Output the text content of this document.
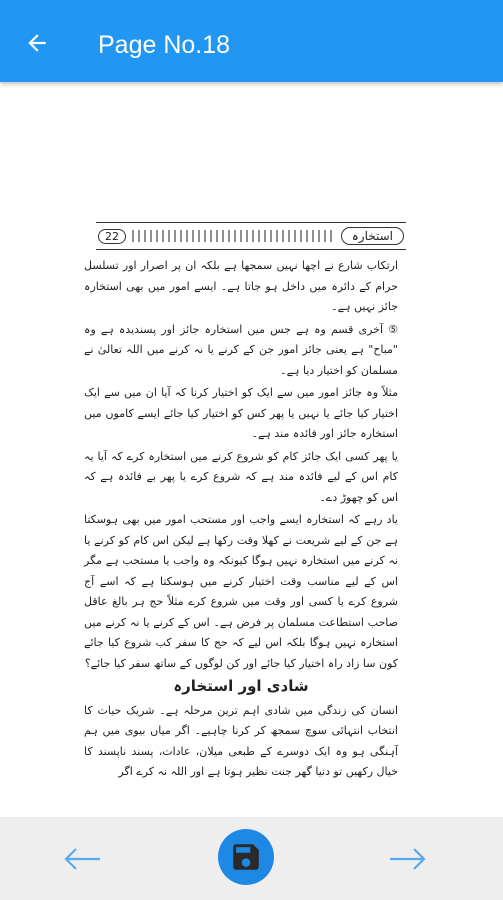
Page No.18
22	استخارہ

ارتکاب شارع نے اچھا نہیں سمجھا ہے بلکہ ان پر اصرار اور تسلسل حرام کے دائرہ میں داخل ہو جاتا ہے۔ ایسے امور میں بھی استخارہ جائز نہیں ہے۔

⑤ آخری قسم وہ ہے جس میں استخارہ جائز اور پسندیدہ ہے وہ "مباح" ہے یعنی جائز امور جن کے کرنے یا نہ کرنے میں اللہ تعالیٰ نے مسلمان کو اختیار دیا ہے۔

مثلاً وہ جائز امور میں سے ایک کو اختیار کرنا کہ آیا ان میں سے ایک اختیار کیا جائے یا نہیں یا پھر کس کو اختیار کیا جائے ایسے کاموں میں استخارہ جائز اور فائدہ مند ہے۔

یا پھر کسی ایک جائز کام کو شروع کرنے میں استخارہ کرے کہ آیا یہ کام اس کے لیے فائدہ مند ہے کہ شروع کرے یا پھر بے فائدہ ہے کہ اس کو چھوڑ دے۔

یاد رہے کہ استخارہ ایسے واجب اور مستحب امور میں بھی ہوسکتا ہے جن کے لیے شریعت نے کھلا وقت رکھا ہے لیکن اس کام کو کرنے یا نہ کرنے میں استخارہ نہیں ہوگا کیونکہ وہ واجب یا مستحب ہے مگر اس کے لیے مناسب وقت اختیار کرنے میں ہوسکتا ہے کہ اسے آج شروع کرے یا کسی اور وقت میں شروع کرے مثلاً حج ہر بالغ عاقل صاحب استطاعت مسلمان پر فرض ہے۔ اس کے کرنے یا نہ کرنے میں استخارہ نہیں ہوگا بلکہ اس لیے کہ حج کا سفر کب شروع کیا جائے کون سا زاد راہ اختیار کیا جائے اور کن لوگوں کے ساتھ سفر کیا جائے؟

شادی اور استخارہ

انسان کی زندگی میں شادی اہم ترین مرحلہ ہے۔ شریک حیات کا انتخاب انتہائی سوچ سمجھ کر کرنا چاہیے۔ اگر میاں بیوی میں ہم آہنگی ہو وہ ایک دوسرے کے طبعی میلان، عادات، پسند ناپسند کا خیال رکھیں تو دنیا گھر جنت نظیر ہوتا ہے اور اللہ نہ کرے اگر
